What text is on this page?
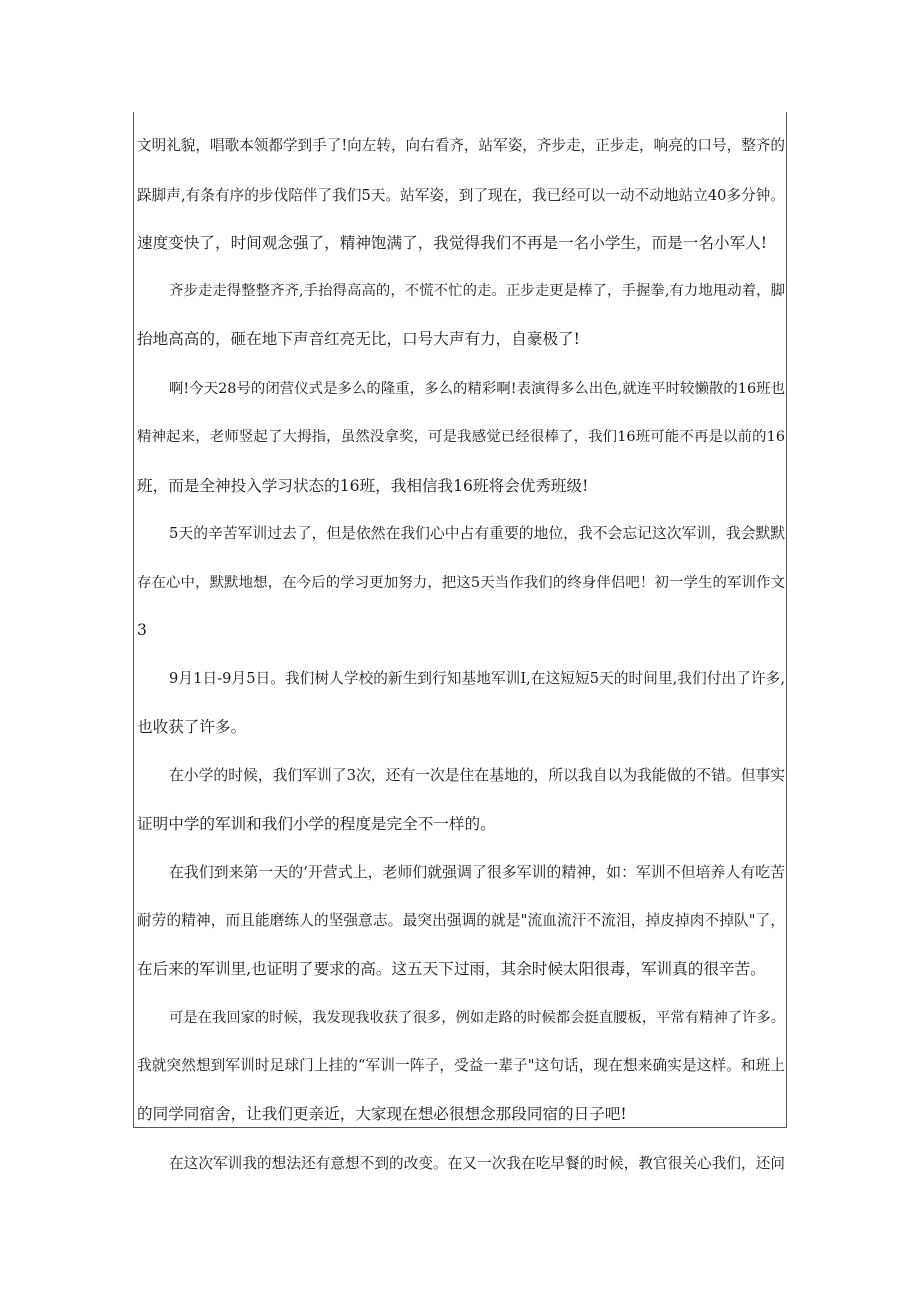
文明礼貌，唱歌本领都学到手了!向左转，向右看齐，站军姿，齐步走，正步走，响亮的口号，整齐的
跺脚声,有条有序的步伐陪伴了我们5天。站军姿，到了现在，我已经可以一动不动地站立40多分钟。
速度变快了，时间观念强了，精神饱满了，我觉得我们不再是一名小学生，而是一名小军人!
齐步走走得整整齐齐,手抬得高高的，不慌不忙的走。正步走更是棒了，手握拳,有力地甩动着，脚
抬地高高的，砸在地下声音红亮无比，口号大声有力，自豪极了!
啊!今天28号的闭营仪式是多么的隆重，多么的精彩啊!表演得多么出色,就连平时较懒散的16班也
精神起来，老师竖起了大拇指，虽然没拿奖，可是我感觉已经很棒了，我们16班可能不再是以前的16
班，而是全神投入学习状态的16班，我相信我16班将会优秀班级!
5天的辛苦军训过去了，但是依然在我们心中占有重要的地位，我不会忘记这次军训，我会默默
存在心中，默默地想，在今后的学习更加努力，把这5天当作我们的终身伴侣吧！初一学生的军训作文
3
9月1日-9月5日。我们树人学校的新生到行知基地军训I,在这短短5天的时间里,我们付出了许多,
也收获了许多。
在小学的时候，我们军训了3次，还有一次是住在基地的，所以我自以为我能做的不错。但事实
证明中学的军训和我们小学的程度是完全不一样的。
在我们到来第一天的‘开营式上，老师们就强调了很多军训的精神，如：军训不但培养人有吃苦
耐劳的精神，而且能磨练人的坚强意志。最突出强调的就是"流血流汗不流泪，掉皮掉肉不掉队"了，
在后来的军训里,也证明了要求的高。这五天下过雨，其余时候太阳很毒，军训真的很辛苦。
可是在我回家的时候，我发现我收获了很多，例如走路的时候都会挺直腰板，平常有精神了许多。
我就突然想到军训时足球门上挂的“军训一阵子，受益一辈子"这句话，现在想来确实是这样。和班上
的同学同宿舍，让我们更亲近，大家现在想必很想念那段同宿的日子吧!
在这次军训我的想法还有意想不到的改变。在又一次我在吃早餐的时候，教官很关心我们，还问
